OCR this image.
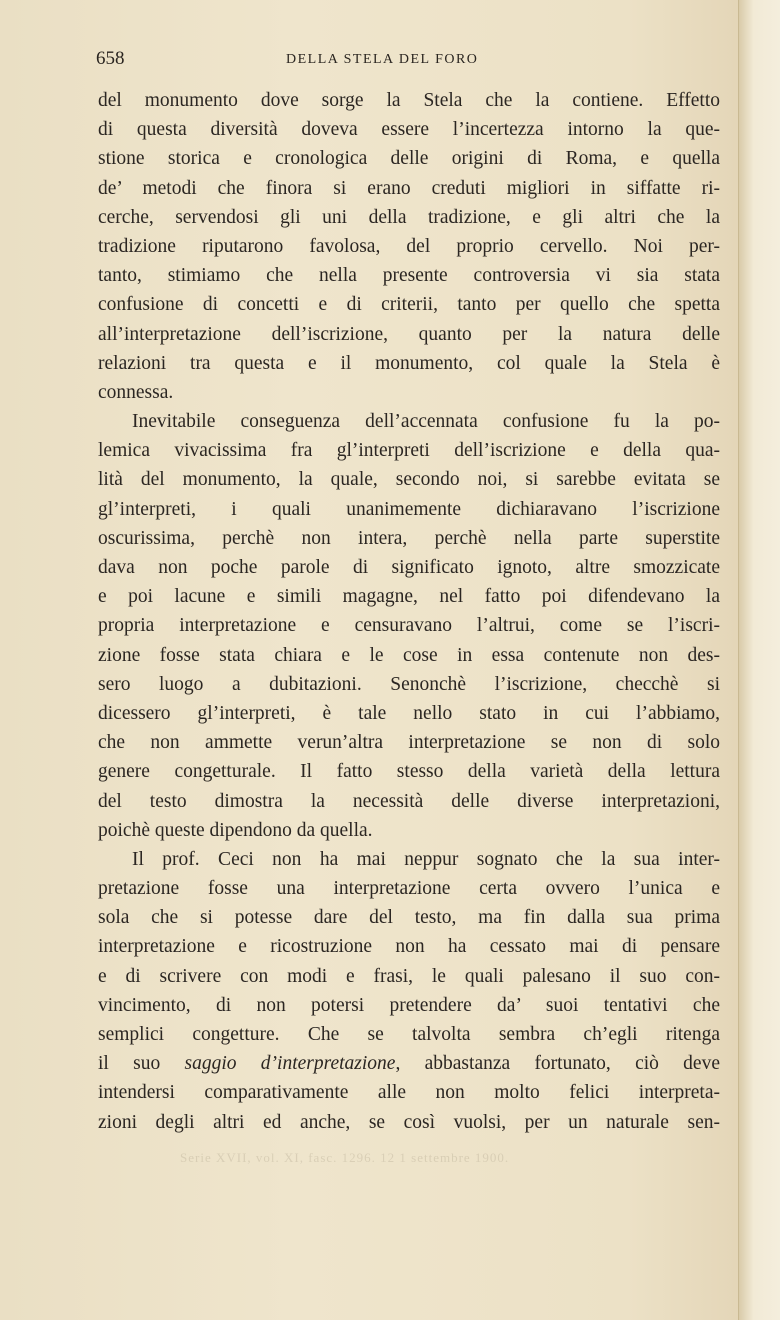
658	DELLA STELA DEL FORO
del monumento dove sorge la Stela che la contiene. Effetto
di questa diversità doveva essere l’incertezza intorno la que-
stione storica e cronologica delle origini di Roma, e quella
de’ metodi che finora si erano creduti migliori in siffatte ri-
cerche, servendosi gli uni della tradizione, e gli altri che la
tradizione riputarono favolosa, del proprio cervello. Noi per-
tanto, stimiamo che nella presente controversia vi sia stata
confusione di concetti e di criterii, tanto per quello che spetta
all’interpretazione dell’iscrizione, quanto per la natura delle
relazioni tra questa e il monumento, col quale la Stela è
connessa.
Inevitabile conseguenza dell’accennata confusione fu la po-
lemica vivacissima fra gl’interpreti dell’iscrizione e della qua-
lità del monumento, la quale, secondo noi, si sarebbe evitata se
gl’interpreti, i quali unanimemente dichiaravano l’iscrizione
oscurissima, perchè non intera, perchè nella parte superstite
dava non poche parole di significato ignoto, altre smozzicate
e poi lacune e simili magagne, nel fatto poi difendevano la
propria interpretazione e censuravano l’altrui, come se l’iscri-
zione fosse stata chiara e le cose in essa contenute non des-
sero luogo a dubitazioni. Senonchè l’iscrizione, checchè si
dicessero gl’interpreti, è tale nello stato in cui l’abbiamo,
che non ammette verun’altra interpretazione se non di solo
genere congetturale. Il fatto stesso della varietà della lettura
del testo dimostra la necessità delle diverse interpretazioni,
poichè queste dipendono da quella.
Il prof. Ceci non ha mai neppur sognato che la sua inter-
pretazione fosse una interpretazione certa ovvero l’unica e
sola che si potesse dare del testo, ma fin dalla sua prima
interpretazione e ricostruzione non ha cessato mai di pensare
e di scrivere con modi e frasi, le quali palesano il suo con-
vincimento, di non potersi pretendere da’ suoi tentativi che
semplici congetture. Che se talvolta sembra ch’egli ritenga
il suo saggio d’interpretazione, abbastanza fortunato, ciò deve
intendersi comparativamente alle non molto felici interpreta-
zioni degli altri ed anche, se così vuolsi, per un naturale sen-
Serie XVII, vol. XI, fasc. 1296. 12 1 settembre 1900.
